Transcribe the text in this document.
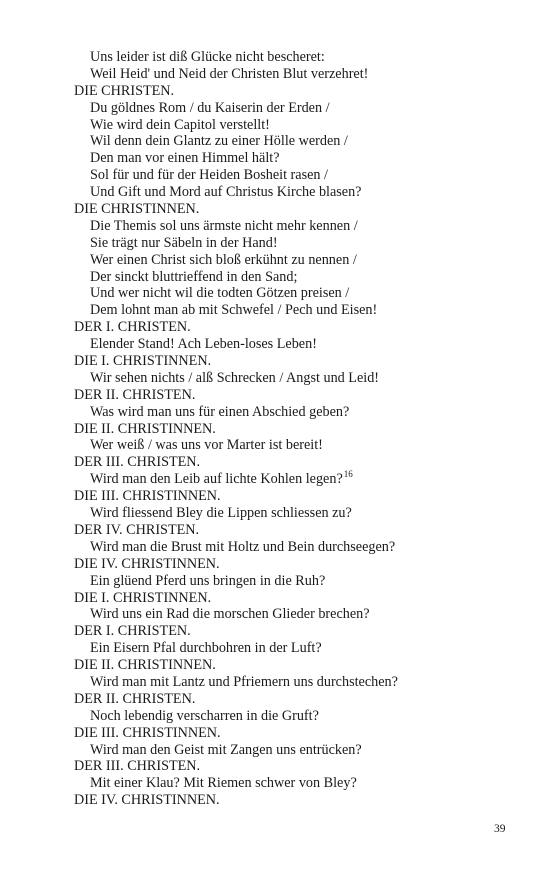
Uns leider ist diß Glücke nicht bescheret:
Weil Heid' und Neid der Christen Blut verzehret!
DIE CHRISTEN.
Du göldnes Rom / du Kaiserin der Erden /
Wie wird dein Capitol verstellt!
Wil denn dein Glantz zu einer Hölle werden /
Den man vor einen Himmel hält?
Sol für und für der Heiden Bosheit rasen /
Und Gift und Mord auf Christus Kirche blasen?
DIE CHRISTINNEN.
Die Themis sol uns ärmste nicht mehr kennen /
Sie trägt nur Säbeln in der Hand!
Wer einen Christ sich bloß erkühnt zu nennen /
Der sinckt bluttrieffend in den Sand;
Und wer nicht wil die todten Götzen preisen /
Dem lohnt man ab mit Schwefel / Pech und Eisen!
DER I. CHRISTEN.
Elender Stand! Ach Leben-loses Leben!
DIE I. CHRISTINNEN.
Wir sehen nichts / alß Schrecken / Angst und Leid!
DER II. CHRISTEN.
Was wird man uns für einen Abschied geben?
DIE II. CHRISTINNEN.
Wer weiß / was uns vor Marter ist bereit!
DER III. CHRISTEN.
Wird man den Leib auf lichte Kohlen legen?$^{16}$
DIE III. CHRISTINNEN.
Wird fliessend Bley die Lippen schliessen zu?
DER IV. CHRISTEN.
Wird man die Brust mit Holtz und Bein durchseegen?
DIE IV. CHRISTINNEN.
Ein glüend Pferd uns bringen in die Ruh?
DIE I. CHRISTINNEN.
Wird uns ein Rad die morschen Glieder brechen?
DER I. CHRISTEN.
Ein Eisern Pfal durchbohren in der Luft?
DIE II. CHRISTINNEN.
Wird man mit Lantz und Pfriemern uns durchstechen?
DER II. CHRISTEN.
Noch lebendig verscharren in die Gruft?
DIE III. CHRISTINNEN.
Wird man den Geist mit Zangen uns entrücken?
DER III. CHRISTEN.
Mit einer Klau? Mit Riemen schwer von Bley?
DIE IV. CHRISTINNEN.
39
